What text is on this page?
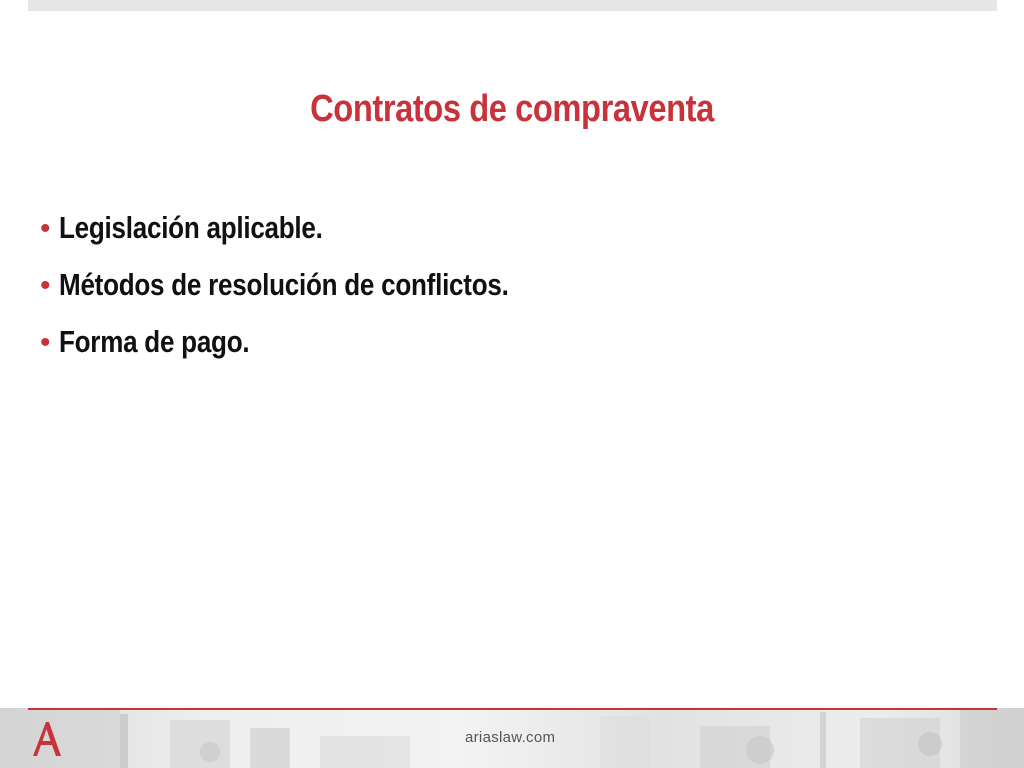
Contratos de compraventa
• Legislación aplicable.
• Métodos de resolución de conflictos.
• Forma de pago.
ariaslaw.com
